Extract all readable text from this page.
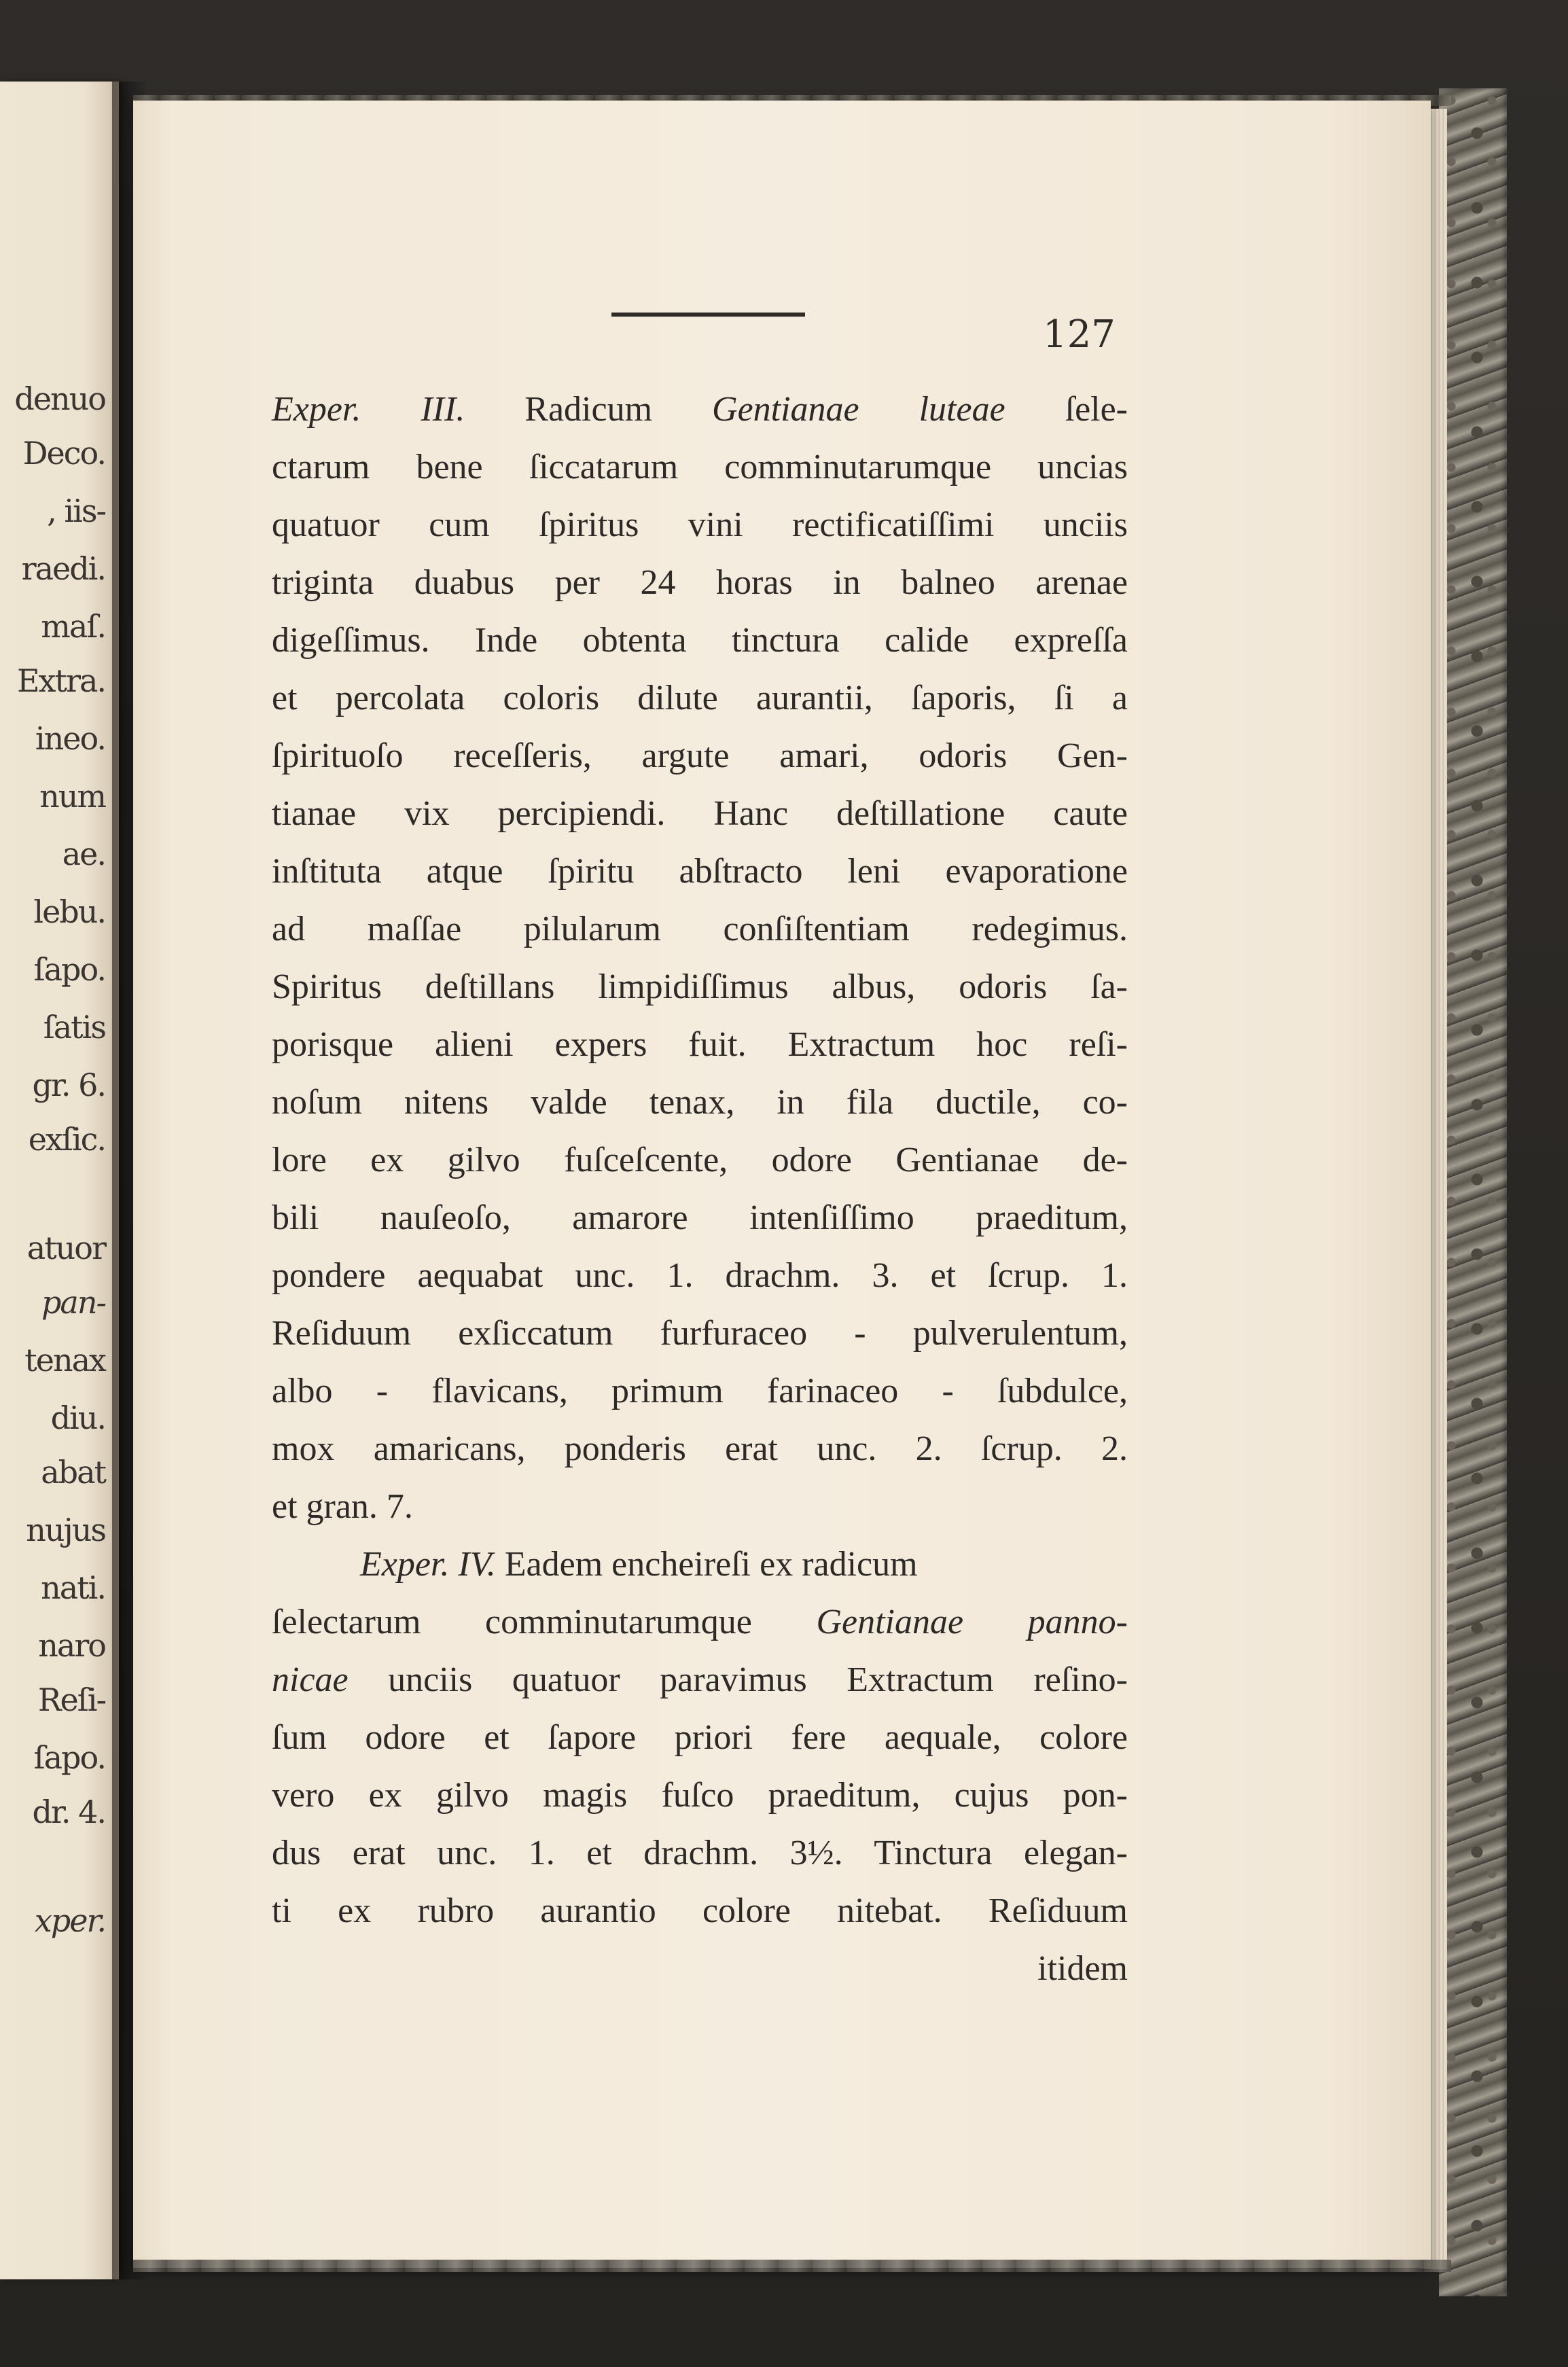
denuo
Deco.
, iis-
raedi.
maſ.
Extra.
ineo.
num
ae.
lebu.
ſapo.
ſatis
gr. 6.
exſic.
atuor
pan-
tenax
diu.
abat
nujus
nati.
naro
Reſi-
ſapo.
dr. 4.
xper.
127
Exper. III. Radicum Gentianae luteae ſele-
ctarum bene ſiccatarum comminutarumque uncias
quatuor cum ſpiritus vini rectificatiſſimi unciis
triginta duabus per 24 horas in balneo arenae
digeſſimus. Inde obtenta tinctura calide expreſſa
et percolata coloris dilute aurantii, ſaporis, ſi a
ſpirituoſo receſſeris, argute amari, odoris Gen-
tianae vix percipiendi. Hanc deſtillatione caute
inſtituta atque ſpiritu abſtracto leni evaporatione
ad maſſae pilularum conſiſtentiam redegimus.
Spiritus deſtillans limpidiſſimus albus, odoris ſa-
porisque alieni expers fuit. Extractum hoc reſi-
noſum nitens valde tenax, in fila ductile, co-
lore ex gilvo fuſceſcente, odore Gentianae de-
bili nauſeoſo, amarore intenſiſſimo praeditum,
pondere aequabat unc. 1. drachm. 3. et ſcrup. 1.
Reſiduum exſiccatum furfuraceo - pulverulentum,
albo - flavicans, primum farinaceo - ſubdulce,
mox amaricans, ponderis erat unc. 2. ſcrup. 2.
et gran. 7.
Exper. IV. Eadem encheireſi ex radicum
ſelectarum comminutarumque Gentianae panno-
nicae unciis quatuor paravimus Extractum reſino-
ſum odore et ſapore priori fere aequale, colore
vero ex gilvo magis fuſco praeditum, cujus pon-
dus erat unc. 1. et drachm. 3½. Tinctura elegan-
ti ex rubro aurantio colore nitebat. Reſiduum
itidem
